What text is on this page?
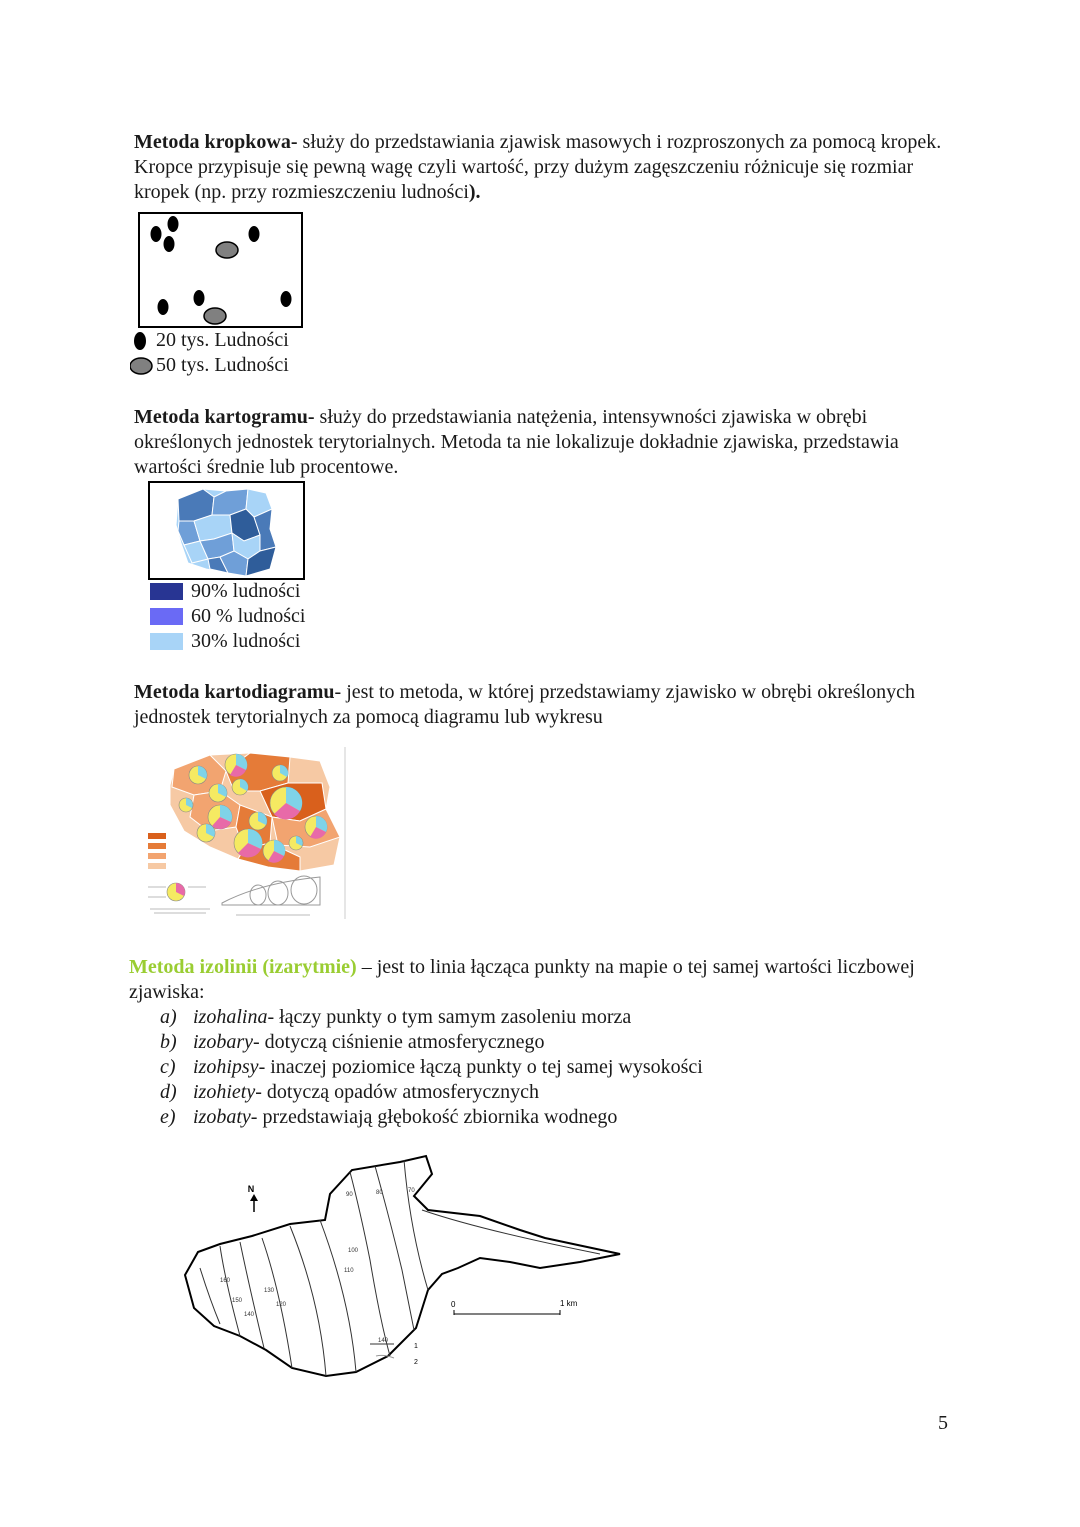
Metoda kropkowa- służy do przedstawiania zjawisk masowych i rozproszonych za pomocą kropek. Kropce przypisuje się pewną wagę czyli wartość, przy dużym zagęszczeniu różnicuje się rozmiar kropek (np. przy rozmieszczeniu ludności).

20 tys. Ludności
50 tys. Ludności

Metoda kartogramu- służy do przedstawiania natężenia, intensywności zjawiska w obrębi określonych jednostek terytorialnych. Metoda ta nie lokalizuje dokładnie zjawiska, przedstawia wartości średnie lub procentowe.

90% ludności
60 % ludności
30% ludności

Metoda kartodiagramu- jest to metoda, w której przedstawiamy zjawisko w obrębi określonych jednostek terytorialnych za pomocą diagramu lub wykresu

Metoda izolinii (izarytmie) – jest to linia łącząca punkty na mapie o tej samej wartości liczbowej zjawiska:

a) izohalina - łączy punkty o tym samym zasoleniu morza
b) izobary - dotyczą ciśnienie atmosferycznego
c) izohipsy - inaczej poziomice łączą punkty o tej samej wysokości
d) izohiety - dotyczą opadów atmosferycznych
e) izobaty - przedstawiają głębokość zbiornika wodnego
N
160
150
140
130
120
110
100
90	80	70
0	1 km
140
1
2
5
